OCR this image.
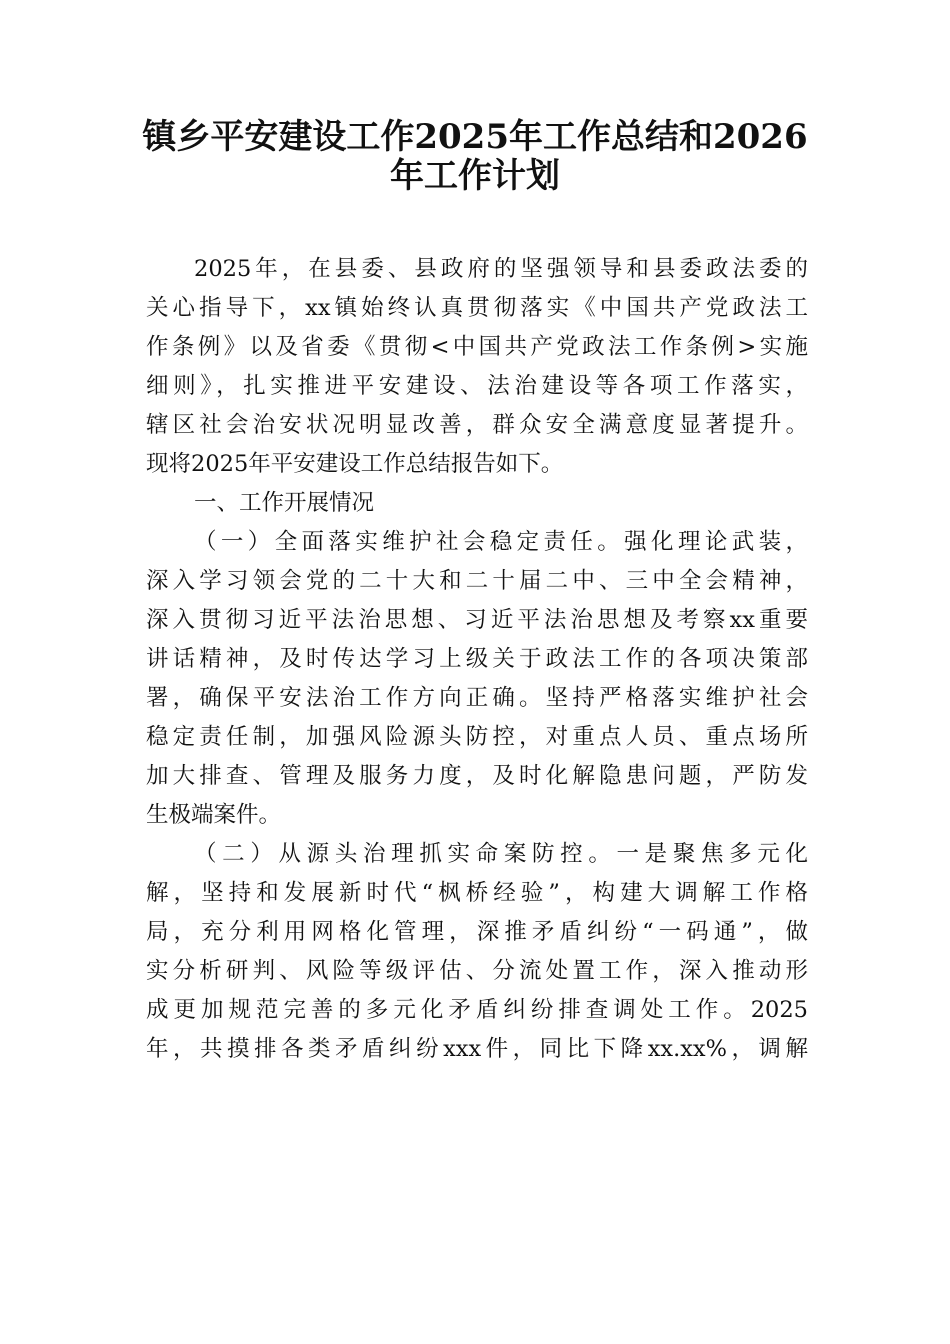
镇乡平安建设工作2025年工作总结和2026
年工作计划

2025年，在县委、县政府的坚强领导和县委政法委的
关心指导下，xx镇始终认真贯彻落实《中国共产党政法工
作条例》以及省委《贯彻<中国共产党政法工作条例>实施
细则》，扎实推进平安建设、法治建设等各项工作落实，
辖区社会治安状况明显改善，群众安全满意度显著提升。
现将2025年平安建设工作总结报告如下。

一、工作开展情况

（一）全面落实维护社会稳定责任。强化理论武装，
深入学习领会党的二十大和二十届二中、三中全会精神，
深入贯彻习近平法治思想、习近平法治思想及考察xx重要
讲话精神，及时传达学习上级关于政法工作的各项决策部
署，确保平安法治工作方向正确。坚持严格落实维护社会
稳定责任制，加强风险源头防控，对重点人员、重点场所
加大排查、管理及服务力度，及时化解隐患问题，严防发
生极端案件。

（二）从源头治理抓实命案防控。一是聚焦多元化
解，坚持和发展新时代“枫桥经验”，构建大调解工作格
局，充分利用网格化管理，深推矛盾纠纷“一码通”，做
实分析研判、风险等级评估、分流处置工作，深入推动形
成更加规范完善的多元化矛盾纠纷排查调处工作。2025
年，共摸排各类矛盾纠纷xxx件，同比下降xx.xx%，调解
